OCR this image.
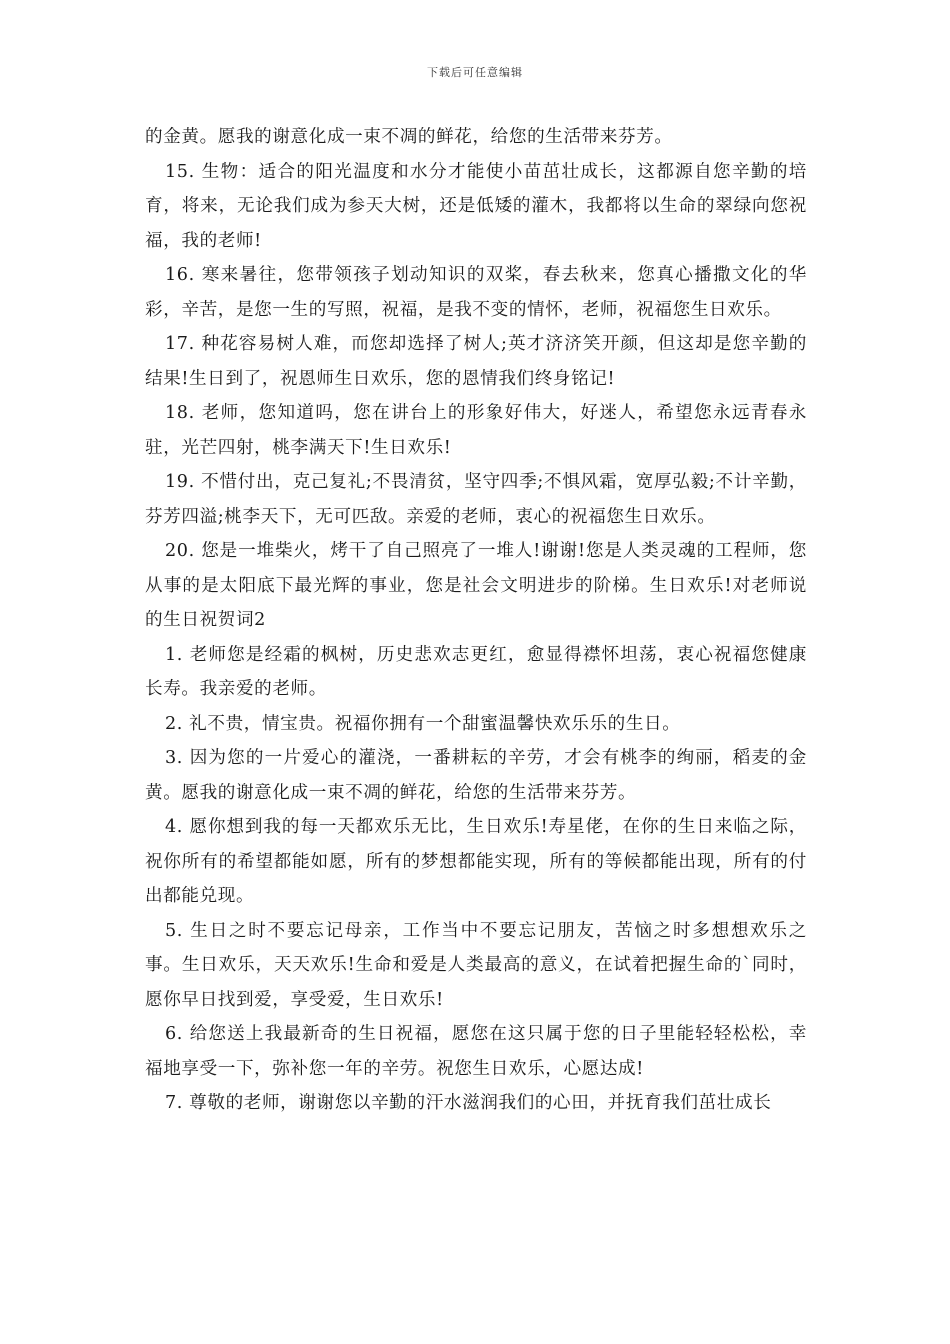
下载后可任意编辑

的金黄。愿我的谢意化成一束不凋的鲜花，给您的生活带来芬芳。

15. 生物：适合的阳光温度和水分才能使小苗茁壮成长，这都源自您辛勤的培育，将来，无论我们成为参天大树，还是低矮的灌木，我都将以生命的翠绿向您祝福，我的老师!

16. 寒来暑往，您带领孩子划动知识的双桨，春去秋来，您真心播撒文化的华彩，辛苦，是您一生的写照，祝福，是我不变的情怀，老师，祝福您生日欢乐。

17. 种花容易树人难，而您却选择了树人;英才济济笑开颜，但这却是您辛勤的结果!生日到了，祝恩师生日欢乐，您的恩情我们终身铭记!

18. 老师，您知道吗，您在讲台上的形象好伟大，好迷人，希望您永远青春永驻，光芒四射，桃李满天下!生日欢乐!

19. 不惜付出，克己复礼;不畏清贫，坚守四季;不惧风霜，宽厚弘毅;不计辛勤，芬芳四溢;桃李天下，无可匹敌。亲爱的老师，衷心的祝福您生日欢乐。

20. 您是一堆柴火，烤干了自己照亮了一堆人!谢谢!您是人类灵魂的工程师，您从事的是太阳底下最光辉的事业，您是社会文明进步的阶梯。生日欢乐!对老师说的生日祝贺词2

1. 老师您是经霜的枫树，历史悲欢志更红，愈显得襟怀坦荡，衷心祝福您健康长寿。我亲爱的老师。

2. 礼不贵，情宝贵。祝福你拥有一个甜蜜温馨快欢乐乐的生日。

3. 因为您的一片爱心的灌浇，一番耕耘的辛劳，才会有桃李的绚丽，稻麦的金黄。愿我的谢意化成一束不凋的鲜花，给您的生活带来芬芳。

4. 愿你想到我的每一天都欢乐无比，生日欢乐!寿星佬，在你的生日来临之际，祝你所有的希望都能如愿，所有的梦想都能实现，所有的等候都能出现，所有的付出都能兑现。

5. 生日之时不要忘记母亲，工作当中不要忘记朋友，苦恼之时多想想欢乐之事。生日欢乐，天天欢乐!生命和爱是人类最高的意义，在试着把握生命的`同时，愿你早日找到爱，享受爱，生日欢乐!

6. 给您送上我最新奇的生日祝福，愿您在这只属于您的日子里能轻轻松松，幸福地享受一下，弥补您一年的辛劳。祝您生日欢乐，心愿达成!

7. 尊敬的老师，谢谢您以辛勤的汗水滋润我们的心田，并抚育我们茁壮成长
